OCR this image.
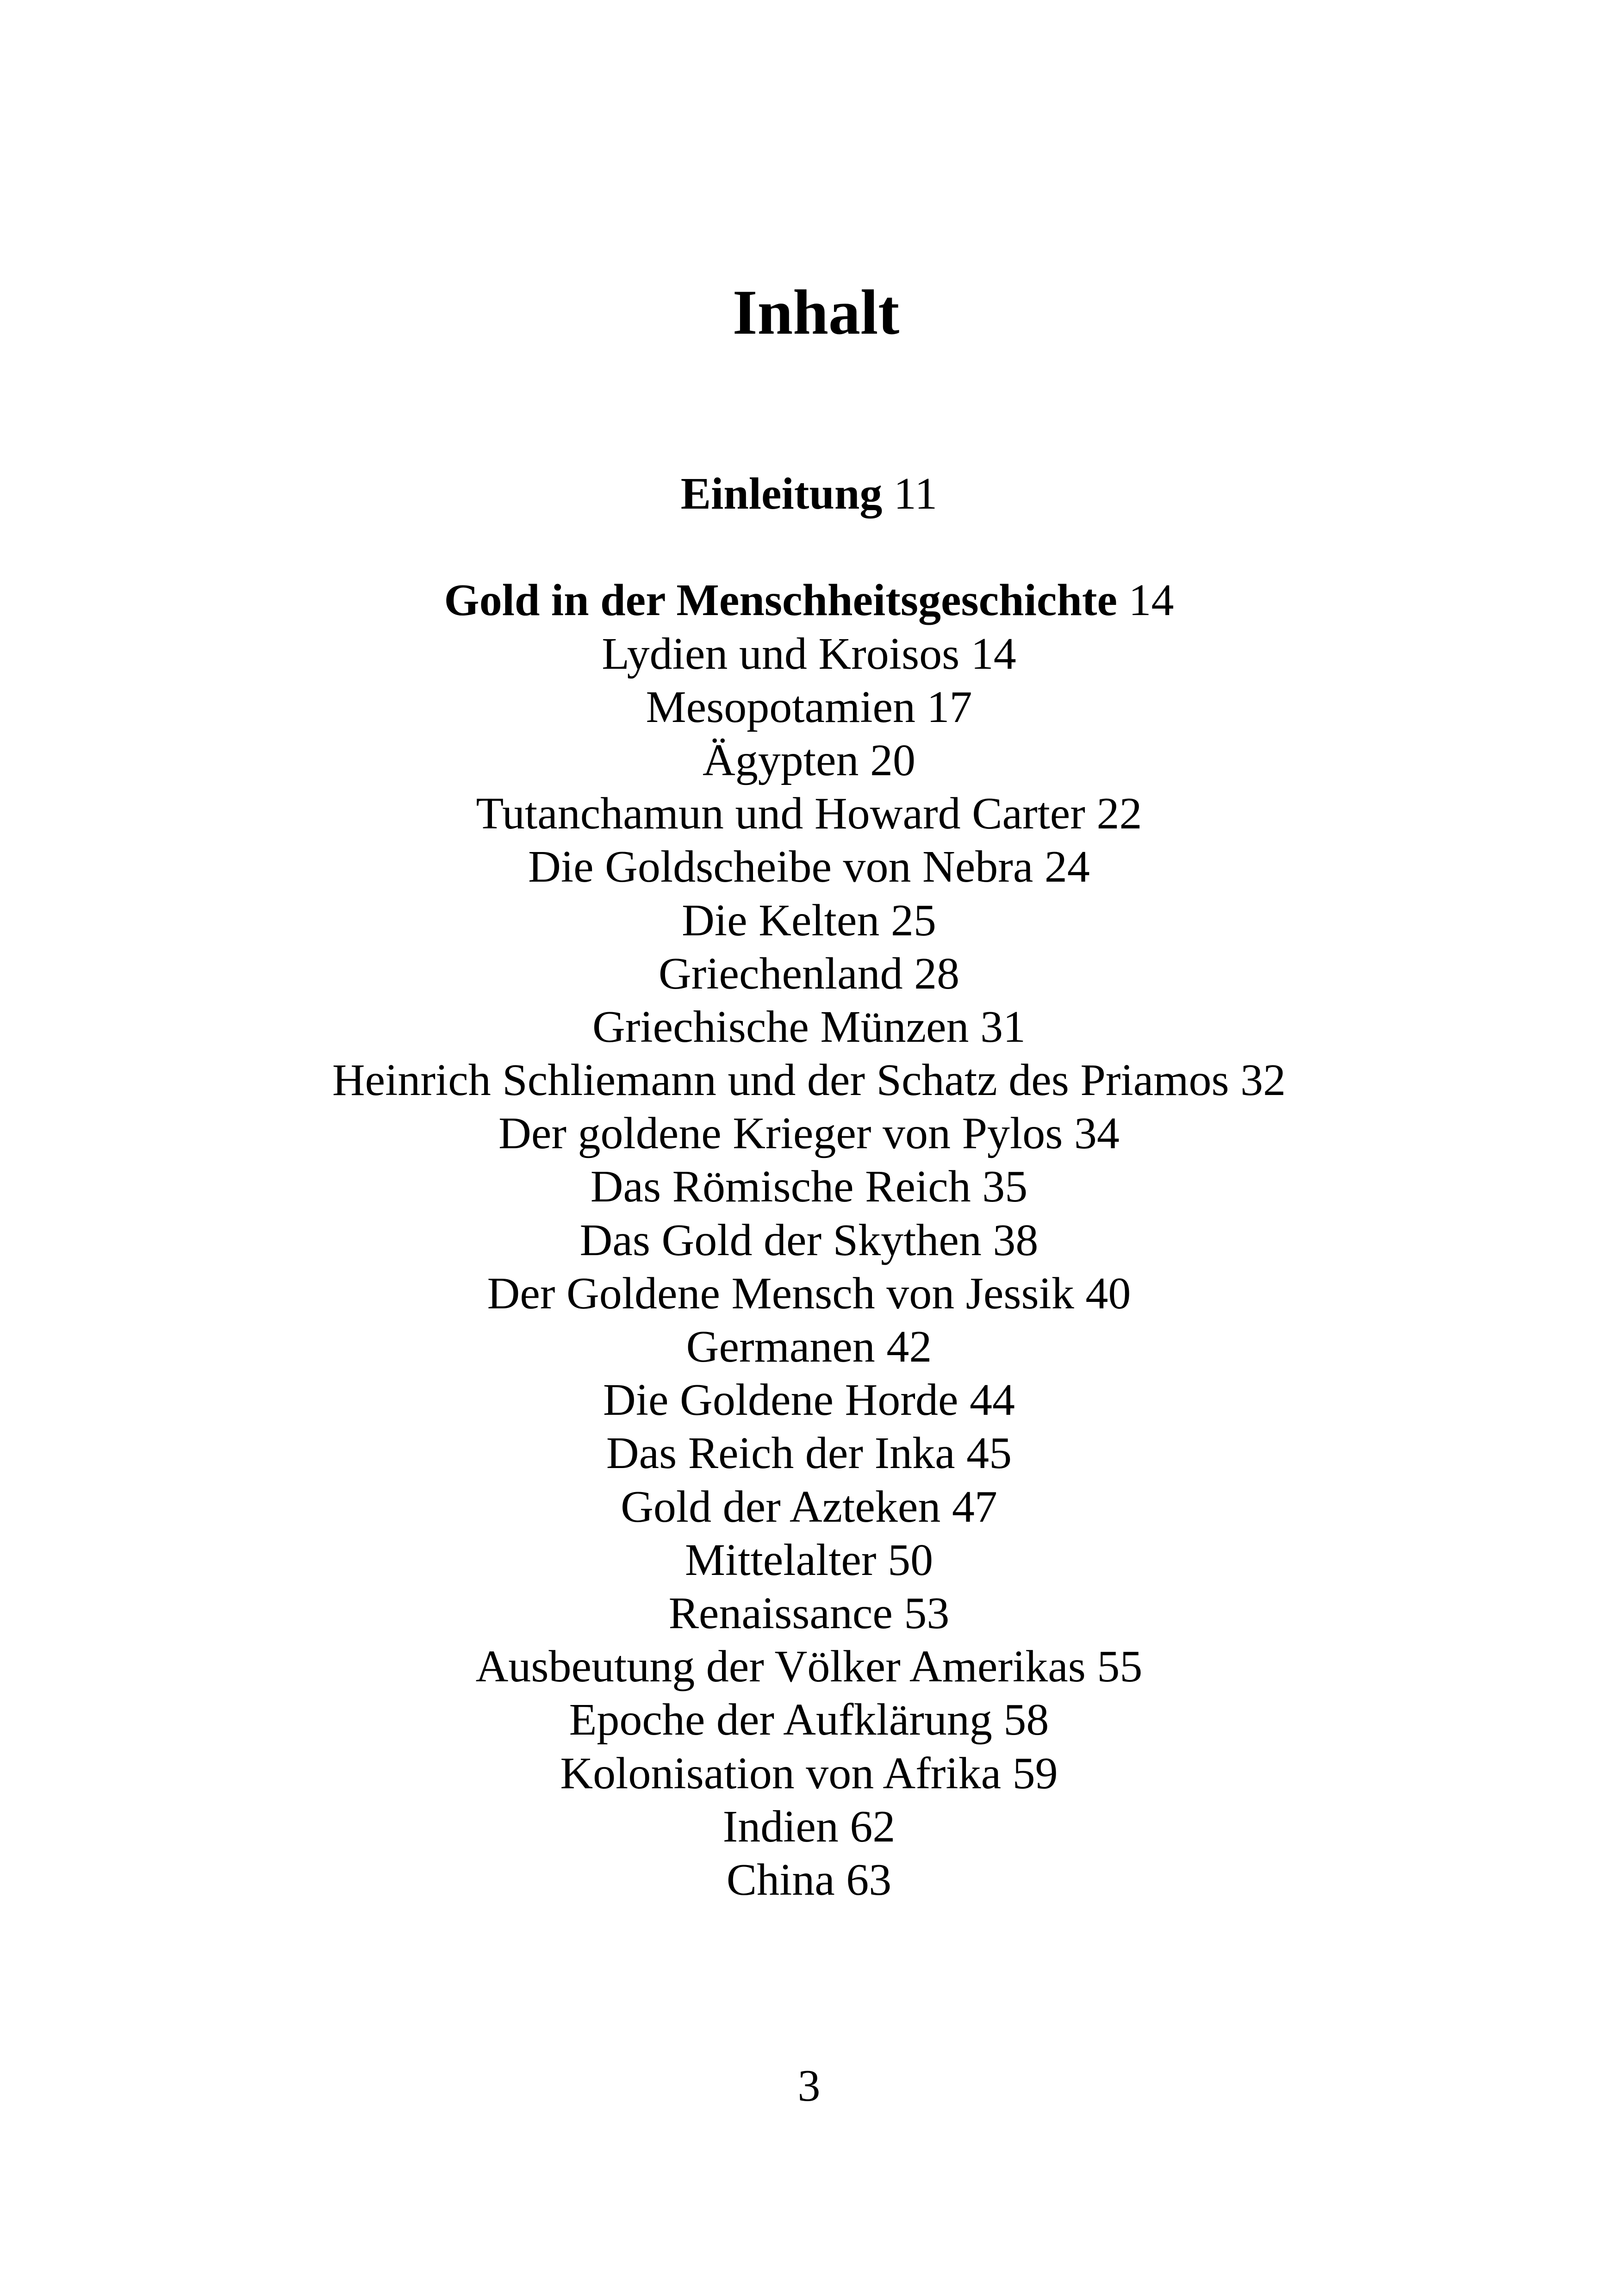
Inhalt
Einleitung 11
Gold in der Menschheitsgeschichte 14
Lydien und Kroisos 14
Mesopotamien 17
Ägypten 20
Tutanchamun und Howard Carter 22
Die Goldscheibe von Nebra 24
Die Kelten 25
Griechenland 28
Griechische Münzen 31
Heinrich Schliemann und der Schatz des Priamos 32
Der goldene Krieger von Pylos 34
Das Römische Reich 35
Das Gold der Skythen 38
Der Goldene Mensch von Jessik 40
Germanen 42
Die Goldene Horde 44
Das Reich der Inka 45
Gold der Azteken 47
Mittelalter 50
Renaissance 53
Ausbeutung der Völker Amerikas 55
Epoche der Aufklärung 58
Kolonisation von Afrika 59
Indien 62
China 63
3
